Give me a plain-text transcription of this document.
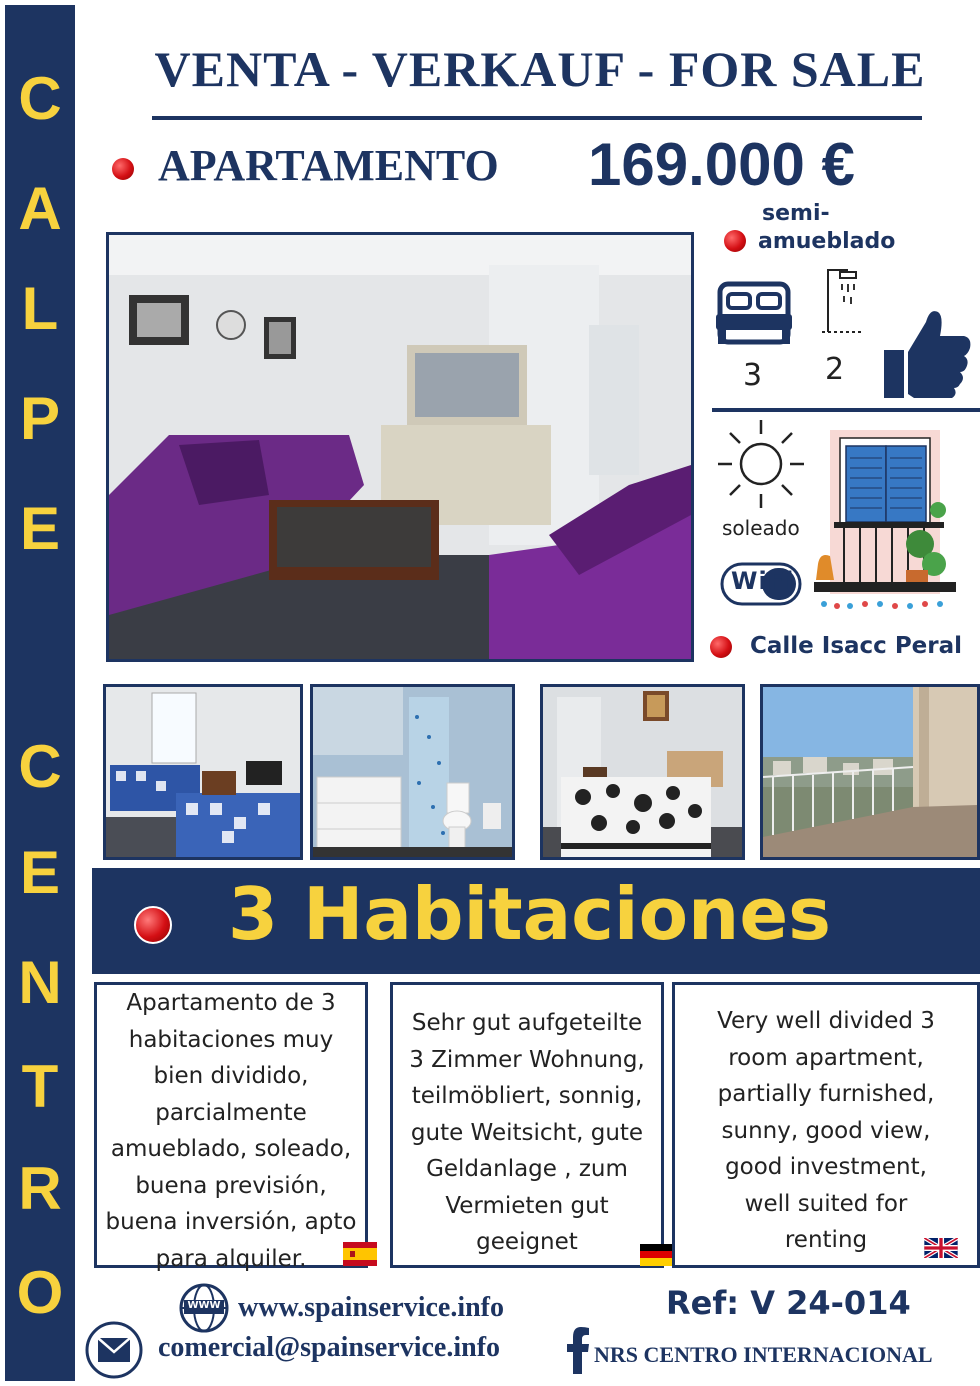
C
A
L
P
E
C
E
N
T
R
O
VENTA - VERKAUF - FOR SALE
APARTAMENTO 169.000 €
semi-
amueblado
3 2
soleado
WiFi
Calle Isacc Peral
3 Habitaciones
Apartamento de 3
habitaciones muy
bien dividido,
parcialmente
amueblado, soleado,
buena previsión,
buena inversión, apto
para alquiler.
Sehr gut aufgeteilte
3 Zimmer Wohnung,
teilmöbliert, sonnig,
gute Weitsicht, gute
Geldanlage , zum
Vermieten gut
geeignet
Very well divided 3
room apartment,
partially furnished,
sunny, good view,
good investment,
well suited for
renting
WWW www.spainservice.info
comercial@spainservice.info
Ref: V 24-014
NRS CENTRO INTERNACIONAL
